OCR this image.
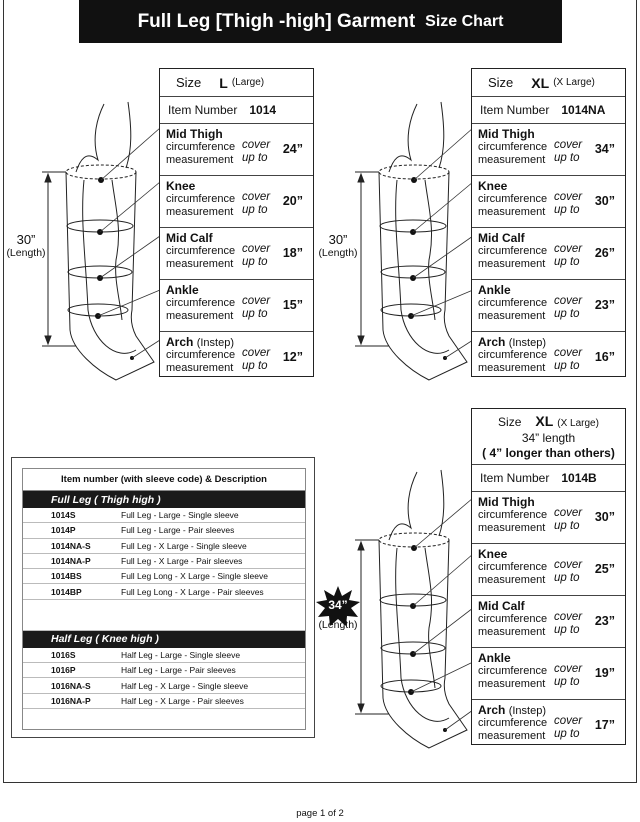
Full Leg [Thigh -high] Garment Size Chart
30”
(Length)
30”
(Length)
34”
(Length)
Size L (Large)
Item Number 1014
Mid Thigh
circumference
measurement
cover
up to
24”
Knee
circumference
measurement
cover
up to
20”
Mid Calf
circumference
measurement
cover
up to
18”
Ankle
circumference
measurement
cover
up to
15”
Arch (Instep)
circumference
measurement
cover
up to
12”
Size XL (X Large)
Item Number 1014NA
Mid Thigh
circumference
measurement
cover
up to
34”
Knee
circumference
measurement
cover
up to
30”
Mid Calf
circumference
measurement
cover
up to
26”
Ankle
circumference
measurement
cover
up to
23”
Arch (Instep)
circumference
measurement
cover
up to
16”
Size XL (X Large)
34” length
( 4” longer than others)
Item Number 1014B
Mid Thigh
circumference
measurement
cover
up to
30”
Knee
circumference
measurement
cover
up to
25”
Mid Calf
circumference
measurement
cover
up to
23”
Ankle
circumference
measurement
cover
up to
19”
Arch (Instep)
circumference
measurement
cover
up to
17”
Item number (with sleeve code) & Description
Full Leg ( Thigh high )
1014S	Full Leg - Large - Single sleeve
1014P	Full Leg - Large - Pair sleeves
1014NA-S	Full Leg - X Large - Single sleeve
1014NA-P	Full Leg - X Large - Pair sleeves
1014BS	Full Leg Long - X Large - Single sleeve
1014BP	Full Leg Long - X Large - Pair sleeves
Half Leg ( Knee high )
1016S	Half Leg - Large - Single sleeve
1016P	Half Leg - Large - Pair sleeves
1016NA-S	Half Leg - X Large - Single sleeve
1016NA-P	Half Leg - X Large - Pair sleeves
page 1 of 2
